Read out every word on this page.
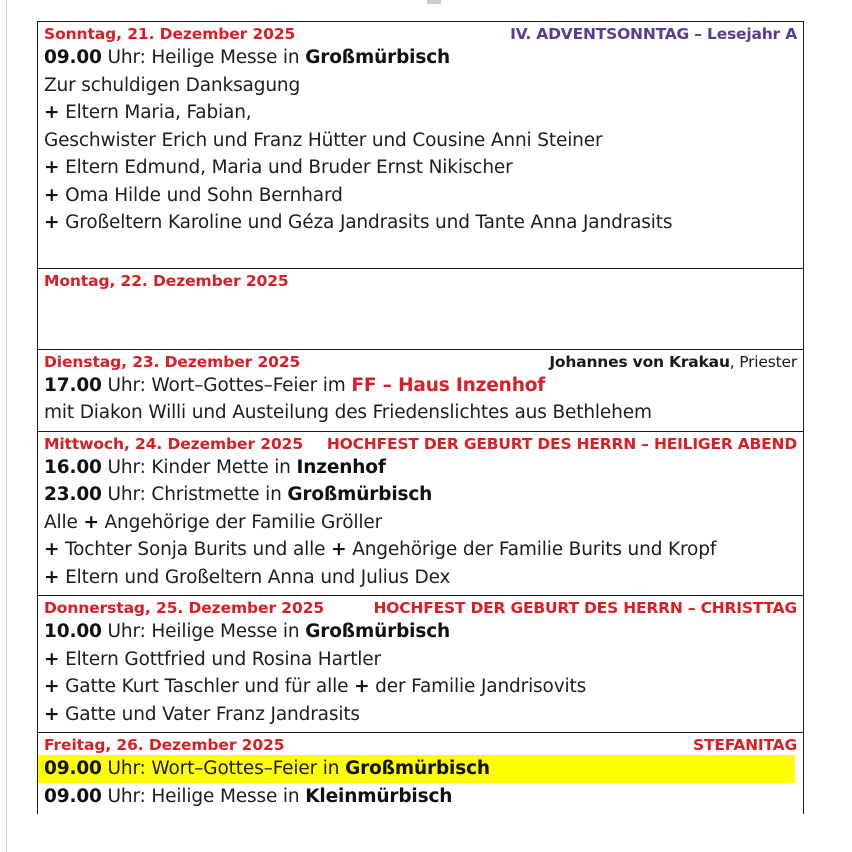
Sonntag, 21. Dezember 2025	IV. ADVENTSONNTAG – Lesejahr A
09.00 Uhr: Heilige Messe in Großmürbisch
Zur schuldigen Danksagung
+ Eltern Maria, Fabian,
Geschwister Erich und Franz Hütter und Cousine Anni Steiner
+ Eltern Edmund, Maria und Bruder Ernst Nikischer
+ Oma Hilde und Sohn Bernhard
+ Großeltern Karoline und Géza Jandrasits und Tante Anna Jandrasits
Montag, 22. Dezember 2025
Dienstag, 23. Dezember 2025	Johannes von Krakau, Priester
17.00 Uhr: Wort–Gottes–Feier im FF – Haus Inzenhof
mit Diakon Willi und Austeilung des Friedenslichtes aus Bethlehem
Mittwoch, 24. Dezember 2025 HOCHFEST DER GEBURT DES HERRN – HEILIGER ABEND
16.00 Uhr: Kinder Mette in Inzenhof
23.00 Uhr: Christmette in Großmürbisch
Alle + Angehörige der Familie Gröller
+ Tochter Sonja Burits und alle + Angehörige der Familie Burits und Kropf
+ Eltern und Großeltern Anna und Julius Dex
Donnerstag, 25. Dezember 2025	HOCHFEST DER GEBURT DES HERRN – CHRISTTAG
10.00 Uhr: Heilige Messe in Großmürbisch
+ Eltern Gottfried und Rosina Hartler
+ Gatte Kurt Taschler und für alle + der Familie Jandrisovits
+ Gatte und Vater Franz Jandrasits
Freitag, 26. Dezember 2025	STEFANITAG
09.00 Uhr: Wort–Gottes–Feier in Großmürbisch
09.00 Uhr: Heilige Messe in Kleinmürbisch
